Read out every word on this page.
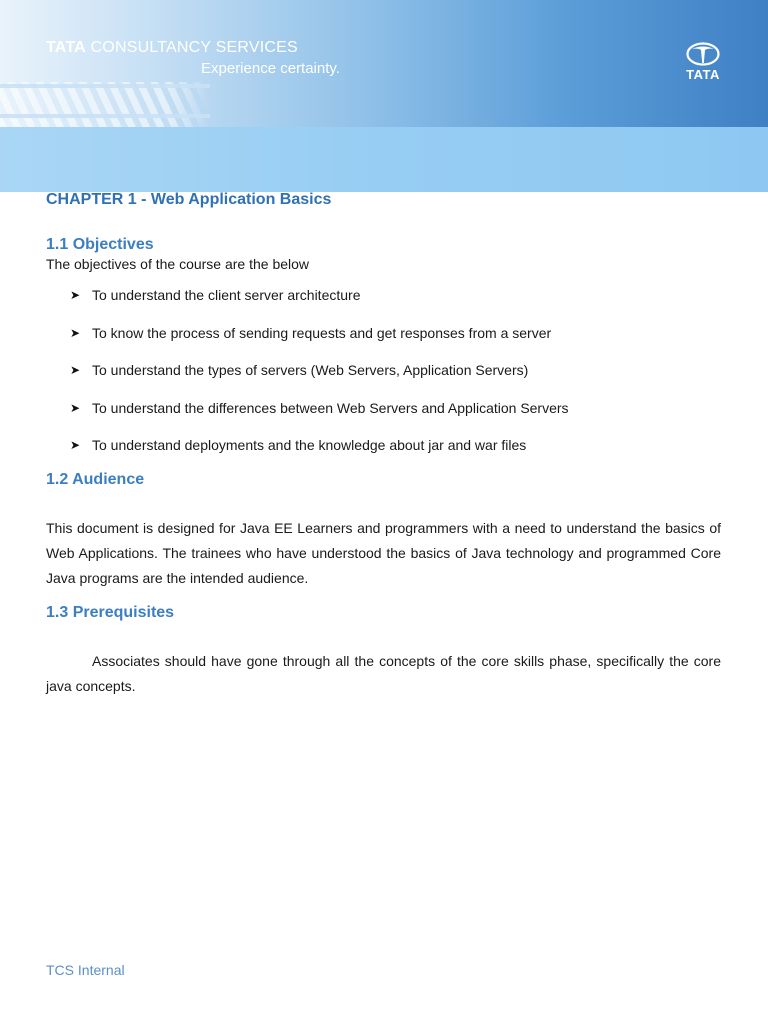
TATA CONSULTANCY SERVICES
Experience certainty.	TATA
CHAPTER 1 - Web Application Basics
1.1 Objectives

The objectives of the course are the below

➤ To understand the client server architecture
➤ To know the process of sending requests and get responses from a server
➤ To understand the types of servers (Web Servers, Application Servers)
➤ To understand the differences between Web Servers and Application Servers
➤ To understand deployments and the knowledge about jar and war files
1.2 Audience

This document is designed for Java EE Learners and programmers with a need to understand the basics of Web Applications. The trainees who have understood the basics of Java technology and programmed Core Java programs are the intended audience.

1.3 Prerequisites

Associates should have gone through all the concepts of the core skills phase, specifically the core java concepts.

TCS Internal
